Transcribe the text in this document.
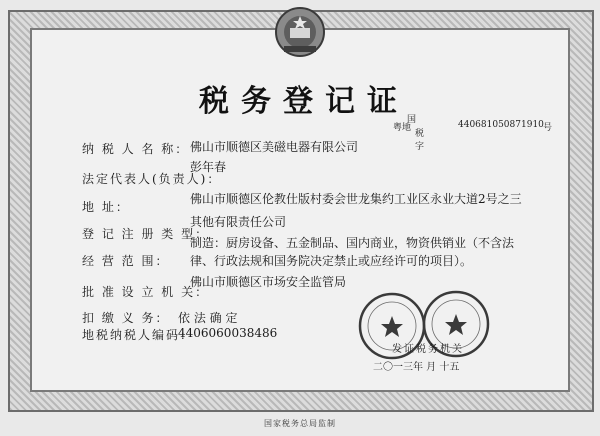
税务登记证
粤地
国
税 字
440681050871910 号
纳 税 人 名 称： 佛山市顺德区美磁电器有限公司
法定代表人(负责人)：
彭年春
地 址：
佛山市顺德区伦教仕版村委会世龙集约工业区永业大道2号之三
登 记 注 册 类 型：
其他有限责任公司
经 营 范 围：
制造：厨房设备、五金制品、国内商业，物资供销业（不含法律、行政法规和国务院决定禁止或应经许可的项目）。
批 准 设 立 机 关：
佛山市顺德区市场安全监管局
扣 缴 义 务： 依 法 确 定
地税纳税人编码：
4406060038486
发证税务机关
二〇一三年 月 十五
国家税务总局监制
